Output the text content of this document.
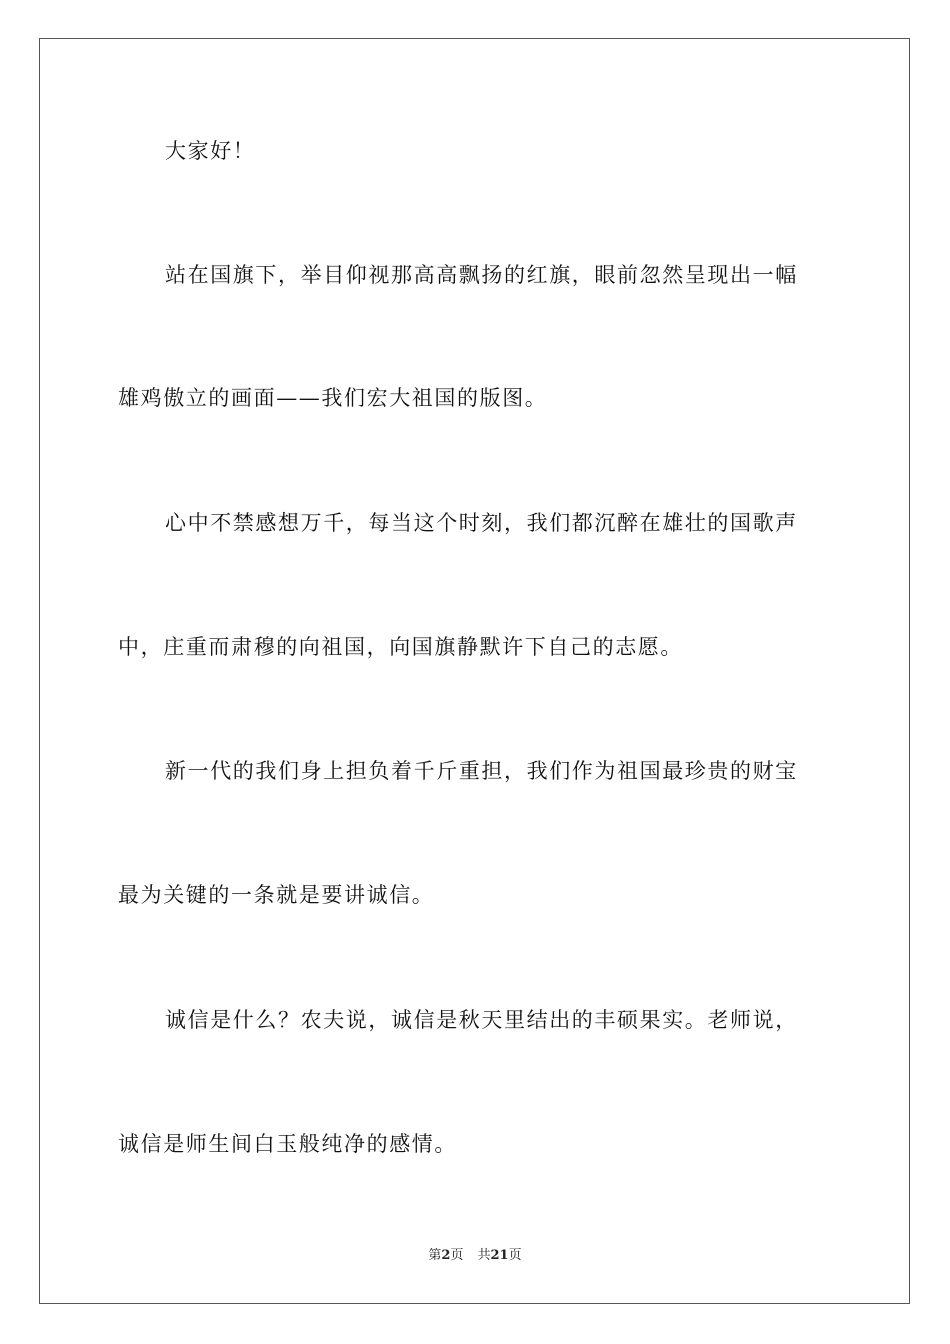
大家好！

站在国旗下，举目仰视那高高飘扬的红旗，眼前忽然呈现出一幅

雄鸡傲立的画面——我们宏大祖国的版图。

心中不禁感想万千，每当这个时刻，我们都沉醉在雄壮的国歌声

中，庄重而肃穆的向祖国，向国旗静默许下自己的志愿。

新一代的我们身上担负着千斤重担，我们作为祖国最珍贵的财宝

最为关键的一条就是要讲诚信。

诚信是什么？农夫说，诚信是秋天里结出的丰硕果实。老师说，

诚信是师生间白玉般纯净的感情。

第2页 共21页
